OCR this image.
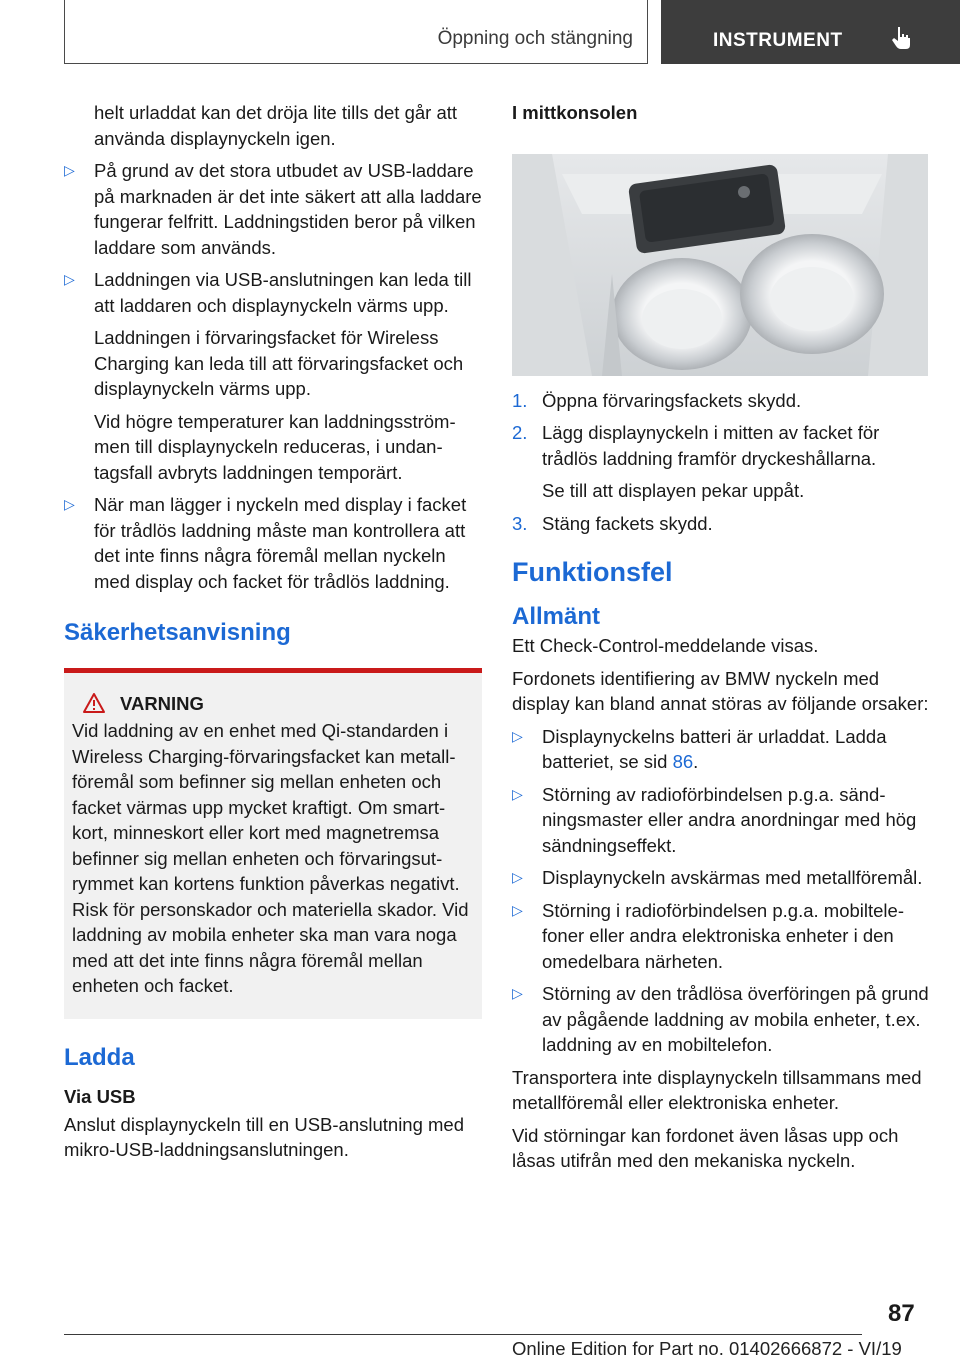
Öppning och stängning	INSTRUMENT

helt urladdat kan det dröja lite tills det går att använda displaynyckeln igen.

▷ På grund av det stora utbudet av USB-laddare på marknaden är det inte säkert att alla laddare fungerar felfritt. Laddningstiden beror på vilken laddare som används.
▷ Laddningen via USB-anslutningen kan leda till att laddaren och displaynyckeln värms upp.

Laddningen i förvaringsfacket för Wireless Charging kan leda till att förvaringsfacket och displaynyckeln värms upp.

Vid högre temperaturer kan laddningsströmmen till displaynyckeln reduceras, i undantagsfall avbryts laddningen temporärt.

▷ När man lägger i nyckeln med display i facket för trådlös laddning måste man kontrollera att det inte finns några föremål mellan nyckeln med display och facket för trådlös laddning.
Säkerhetsanvisning
VARNING

Vid laddning av en enhet med Qi-standarden i Wireless Charging-förvaringsfacket kan metallföremål som befinner sig mellan enheten och facket värmas upp mycket kraftigt. Om smartkort, minneskort eller kort med magnetremsa befinner sig mellan enheten och förvaringsutrymmet kan kortens funktion påverkas negativt. Risk för personskador och materiella skador. Vid laddning av mobila enheter ska man vara noga med att det inte finns några föremål mellan enheten och facket.

Ladda
Via USB

Anslut displaynyckeln till en USB-anslutning med mikro-USB-laddningsanslutningen.

I mittkonsolen
1. Öppna förvaringsfackets skydd.
2. Lägg displaynyckeln i mitten av facket för trådlös laddning framför dryckeshållarna.

Se till att displayen pekar uppåt.

3. Stäng fackets skydd.
Funktionsfel
Allmänt

Ett Check-Control-meddelande visas.

Fordonets identifiering av BMW nyckeln med display kan bland annat störas av följande orsaker:

▷ Displaynyckelns batteri är urladdat. Ladda batteriet, se sid 86.
▷ Störning av radioförbindelsen p.g.a. sändningsmaster eller andra anordningar med hög sändningseffekt.
▷ Displaynyckeln avskärmas med metallföremål.
▷ Störning i radioförbindelsen p.g.a. mobiltelefoner eller andra elektroniska enheter i den omedelbara närheten.
▷ Störning av den trådlösa överföringen på grund av pågående laddning av mobila enheter, t.ex. laddning av en mobiltelefon.

Transportera inte displaynyckeln tillsammans med metallföremål eller elektroniska enheter.

Vid störningar kan fordonet även låsas upp och låsas utifrån med den mekaniska nyckeln.

87
Online Edition for Part no. 01402666872 - VI/19
